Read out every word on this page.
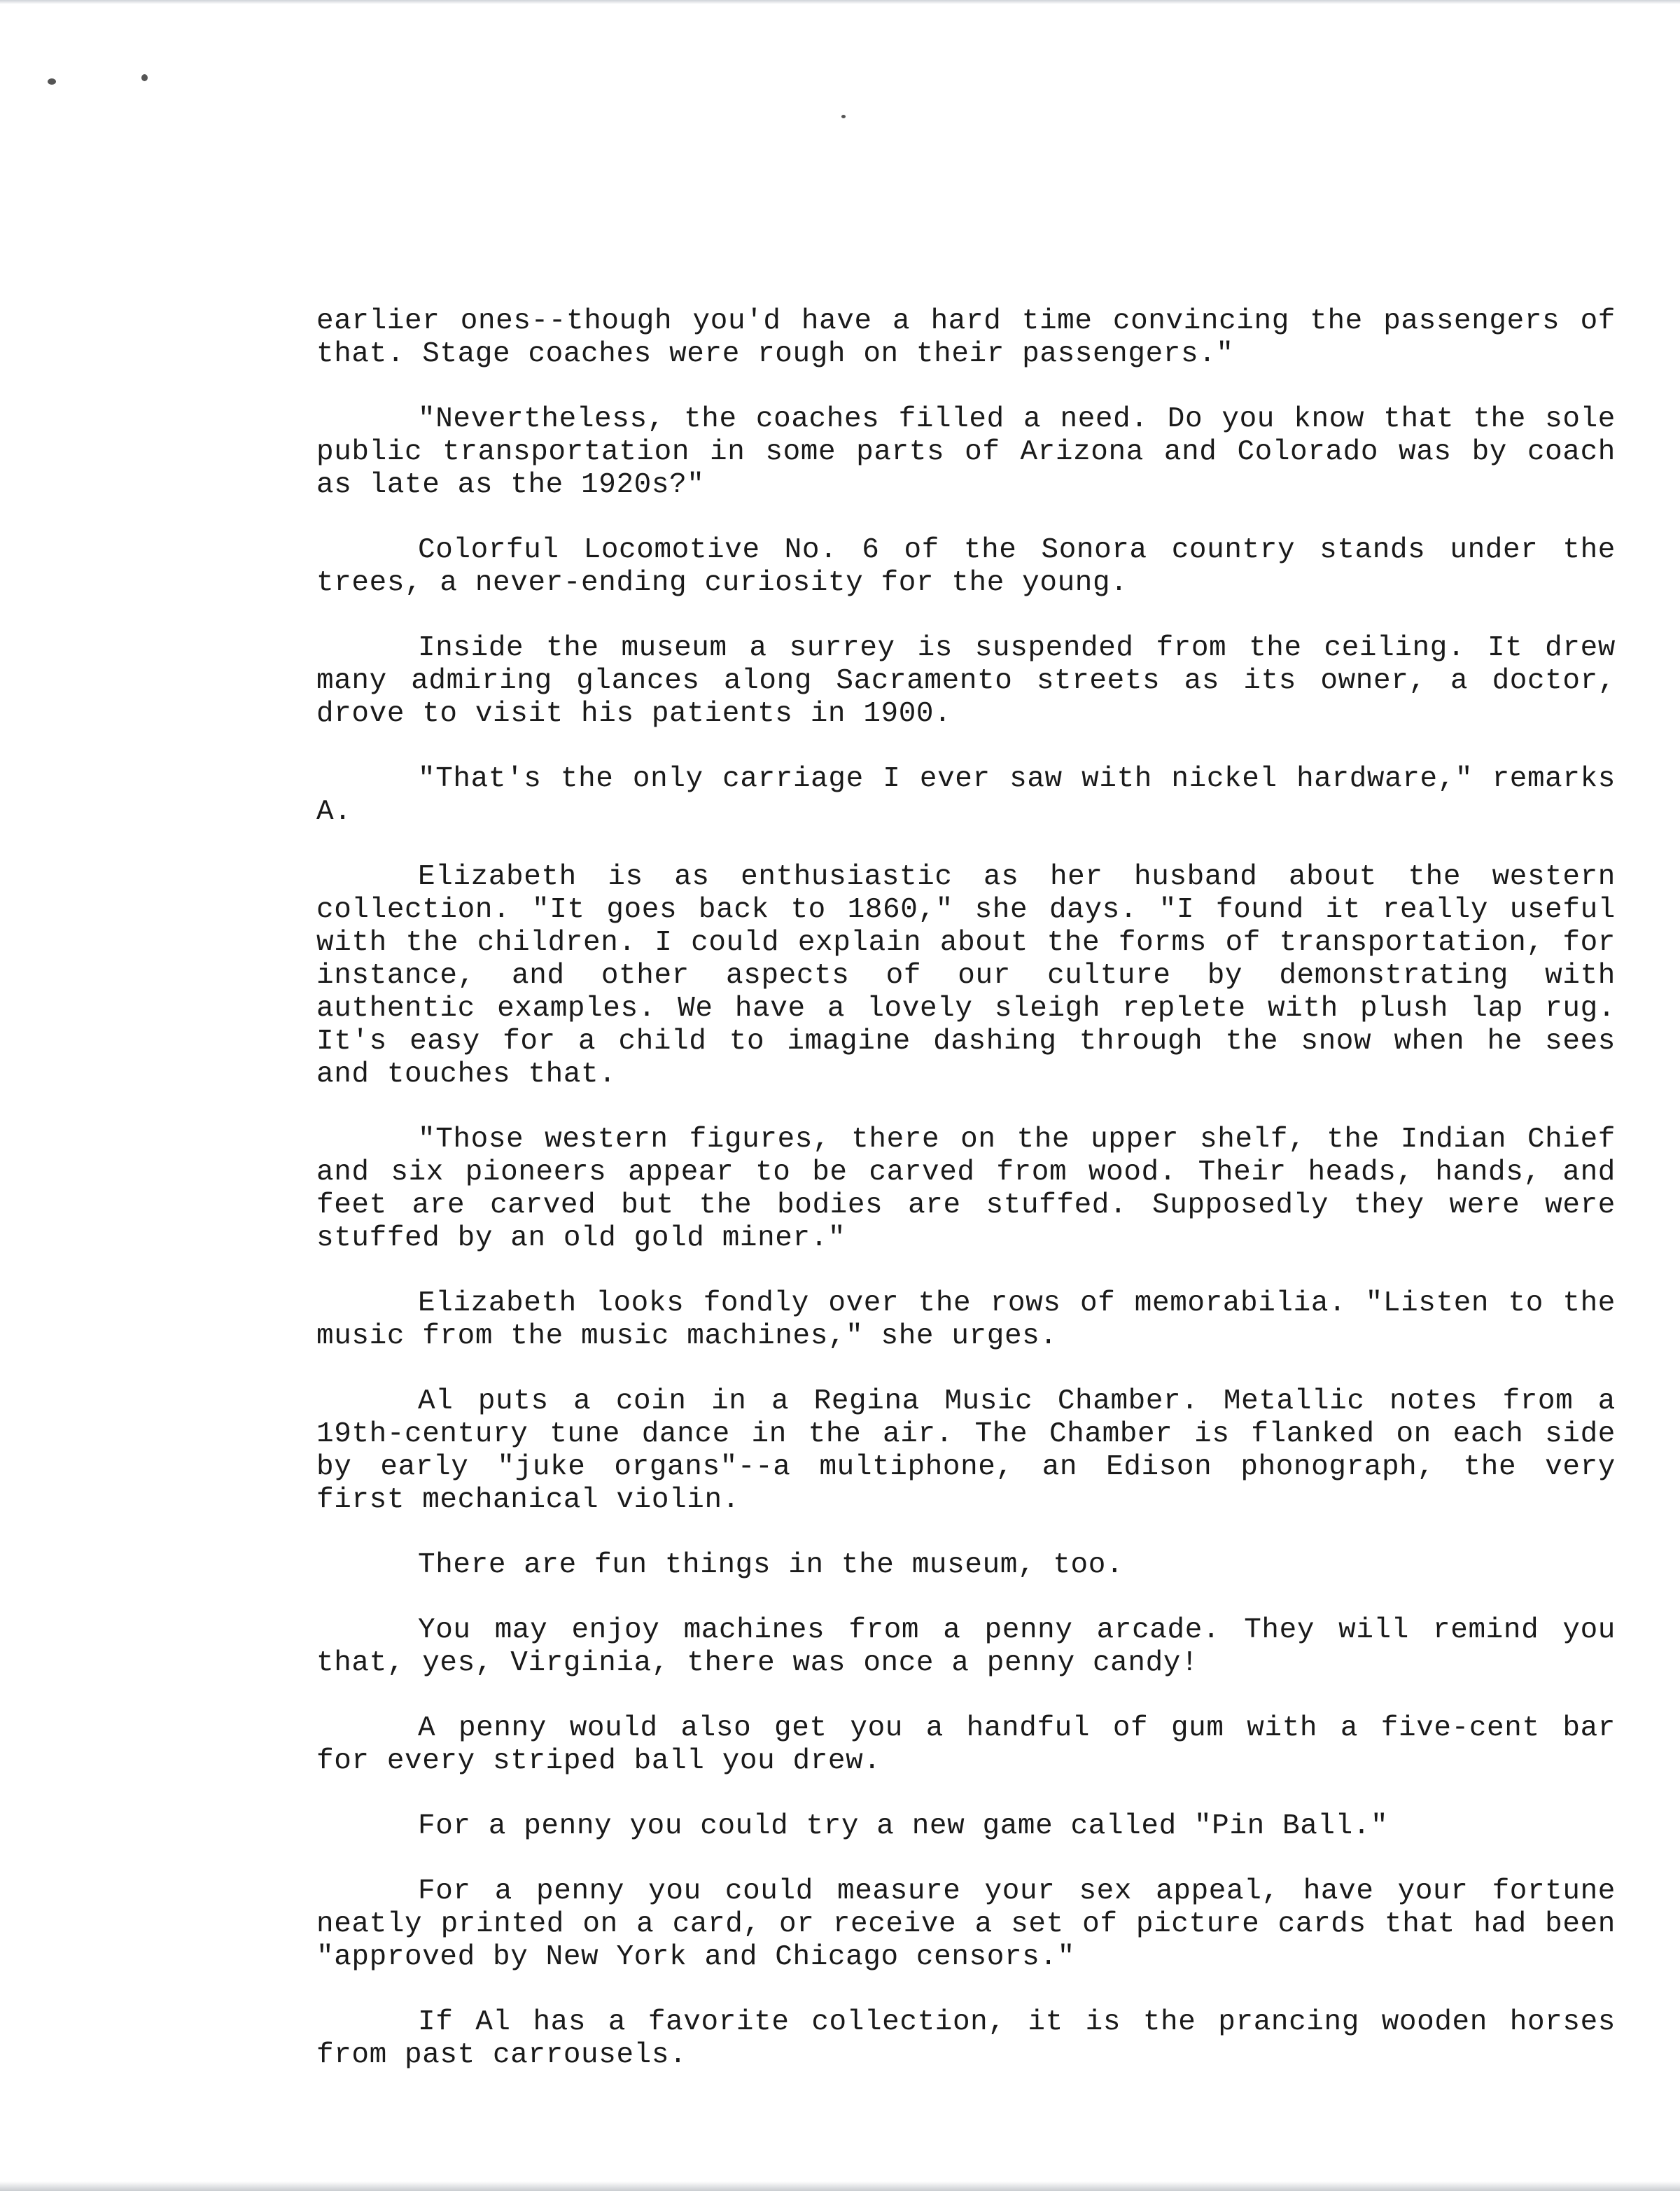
earlier ones--though you'd have a hard time convincing the passengers of that. Stage coaches were rough on their passengers."

"Nevertheless, the coaches filled a need. Do you know that the sole public transportation in some parts of Arizona and Colorado was by coach as late as the 1920s?"

Colorful Locomotive No. 6 of the Sonora country stands under the trees, a never-ending curiosity for the young.

Inside the museum a surrey is suspended from the ceiling. It drew many admiring glances along Sacramento streets as its owner, a doctor, drove to visit his patients in 1900.

"That's the only carriage I ever saw with nickel hardware," remarks A.

Elizabeth is as enthusiastic as her husband about the western collection. "It goes back to 1860," she days. "I found it really useful with the children. I could explain about the forms of transportation, for instance, and other aspects of our culture by demonstrating with authentic examples. We have a lovely sleigh replete with plush lap rug. It's easy for a child to imagine dashing through the snow when he sees and touches that.

"Those western figures, there on the upper shelf, the Indian Chief and six pioneers appear to be carved from wood. Their heads, hands, and feet are carved but the bodies are stuffed. Supposedly they were were stuffed by an old gold miner."

Elizabeth looks fondly over the rows of memorabilia. "Listen to the music from the music machines," she urges.

Al puts a coin in a Regina Music Chamber. Metallic notes from a 19th-century tune dance in the air. The Chamber is flanked on each side by early "juke organs"--a multiphone, an Edison phonograph, the very first mechanical violin.

There are fun things in the museum, too.

You may enjoy machines from a penny arcade. They will remind you that, yes, Virginia, there was once a penny candy!

A penny would also get you a handful of gum with a five-cent bar for every striped ball you drew.

For a penny you could try a new game called "Pin Ball."

For a penny you could measure your sex appeal, have your fortune neatly printed on a card, or receive a set of picture cards that had been "approved by New York and Chicago censors."

If Al has a favorite collection, it is the prancing wooden horses from past carrousels.
